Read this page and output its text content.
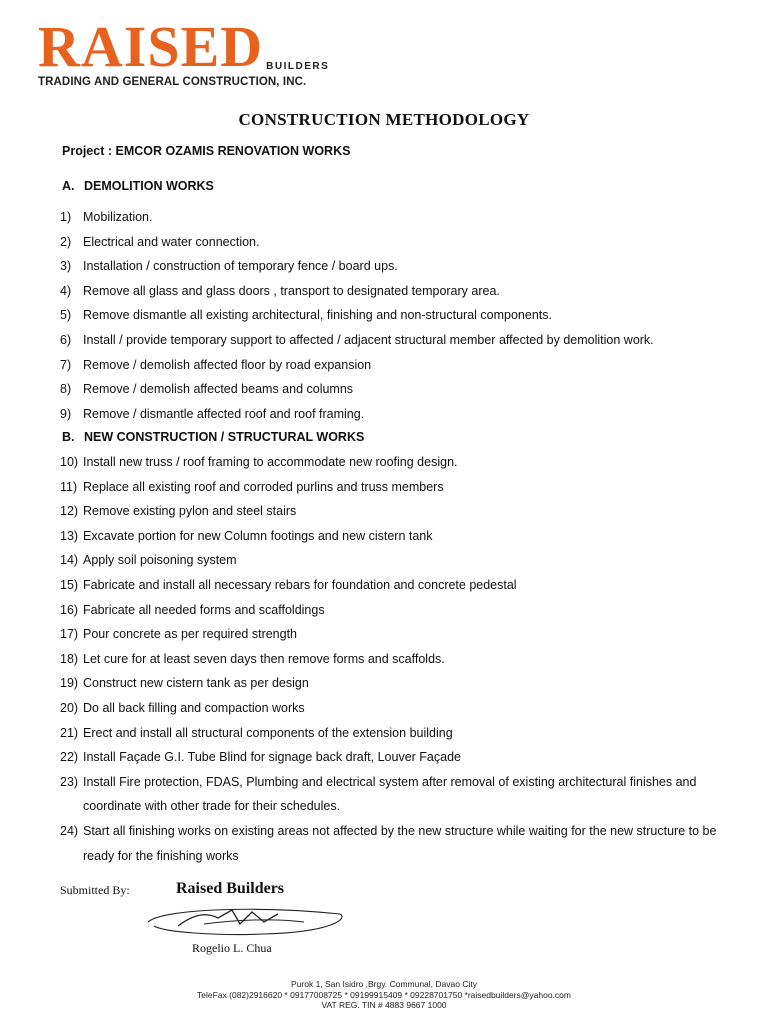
RAISED BUILDERS
TRADING AND GENERAL CONSTRUCTION, INC.
CONSTRUCTION METHODOLOGY
Project : EMCOR OZAMIS RENOVATION WORKS
A. DEMOLITION WORKS
1) Mobilization.
2) Electrical and water connection.
3) Installation / construction of temporary fence / board ups.
4) Remove all glass and glass doors , transport to designated temporary area.
5) Remove dismantle all existing architectural, finishing and non-structural components.
6) Install / provide temporary support to affected / adjacent structural member affected by demolition work.
7) Remove / demolish affected floor by road expansion
8) Remove / demolish affected beams and columns
9) Remove / dismantle affected roof and roof framing.
B. NEW CONSTRUCTION / STRUCTURAL WORKS
10) Install new truss / roof framing to accommodate new roofing design.
11) Replace all existing roof and corroded purlins and truss members
12) Remove existing pylon and steel stairs
13) Excavate portion for new Column footings and new cistern tank
14) Apply soil poisoning system
15) Fabricate and install all necessary rebars for foundation and concrete pedestal
16) Fabricate all needed forms and scaffoldings
17) Pour concrete as per required strength
18) Let cure for at least seven days then remove forms and scaffolds.
19) Construct new cistern tank as per design
20) Do all back filling and compaction works
21) Erect and install all structural components of the extension building
22) Install Façade G.I. Tube Blind for signage back draft, Louver Façade
23) Install Fire protection, FDAS, Plumbing and electrical system after removal of existing architectural finishes and coordinate with other trade for their schedules.
24) Start all finishing works on existing areas not affected by the new structure while waiting for the new structure to be ready for the finishing works
Submitted By:	Raised Builders
Rogelio L. Chua
Purok 1, San Isidro ,Brgy. Communal, Davao City
TeleFax (082)2916620 * 09177008725 * 09199915409 * 09228701750 *raisedbuilders@yahoo.com
VAT REG. TIN # 4883 9667 1000
